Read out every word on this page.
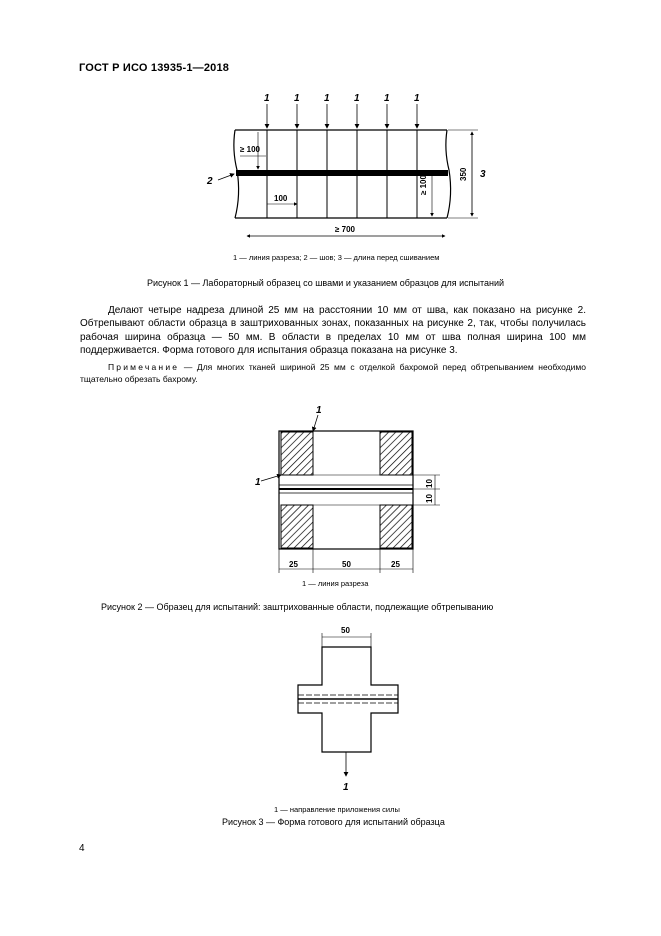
ГОСТ Р ИСО 13935-1—2018
1 1 1 1 1 1
2
3
≥ 100
100
≥ 100
350
≥ 700
1 — линия разреза; 2 — шов; 3 — длина перед сшиванием
Рисунок 1 — Лабораторный образец со швами и указанием образцов для испытаний

Делают четыре надреза длиной 25 мм на расстоянии 10 мм от шва, как показано на рисунке 2. Обтрепывают области образца в заштрихованных зонах, показанных на рисунке 2, так, чтобы получилась рабочая ширина образца — 50 мм. В области в пределах 10 мм от шва полная ширина 100 мм поддерживается. Форма готового для испытания образца показана на рисунке 3.

Примечание — Для многих тканей шириной 25 мм с отделкой бахромой перед обтрепыванием необходимо тщательно обрезать бахрому.
1
1	10
10
25	50	25
1 — линия разреза
Рисунок 2 — Образец для испытаний: заштрихованные области, подлежащие обтрепыванию
50
1
1 — направление приложения силы
Рисунок 3 — Форма готового для испытаний образца
4
